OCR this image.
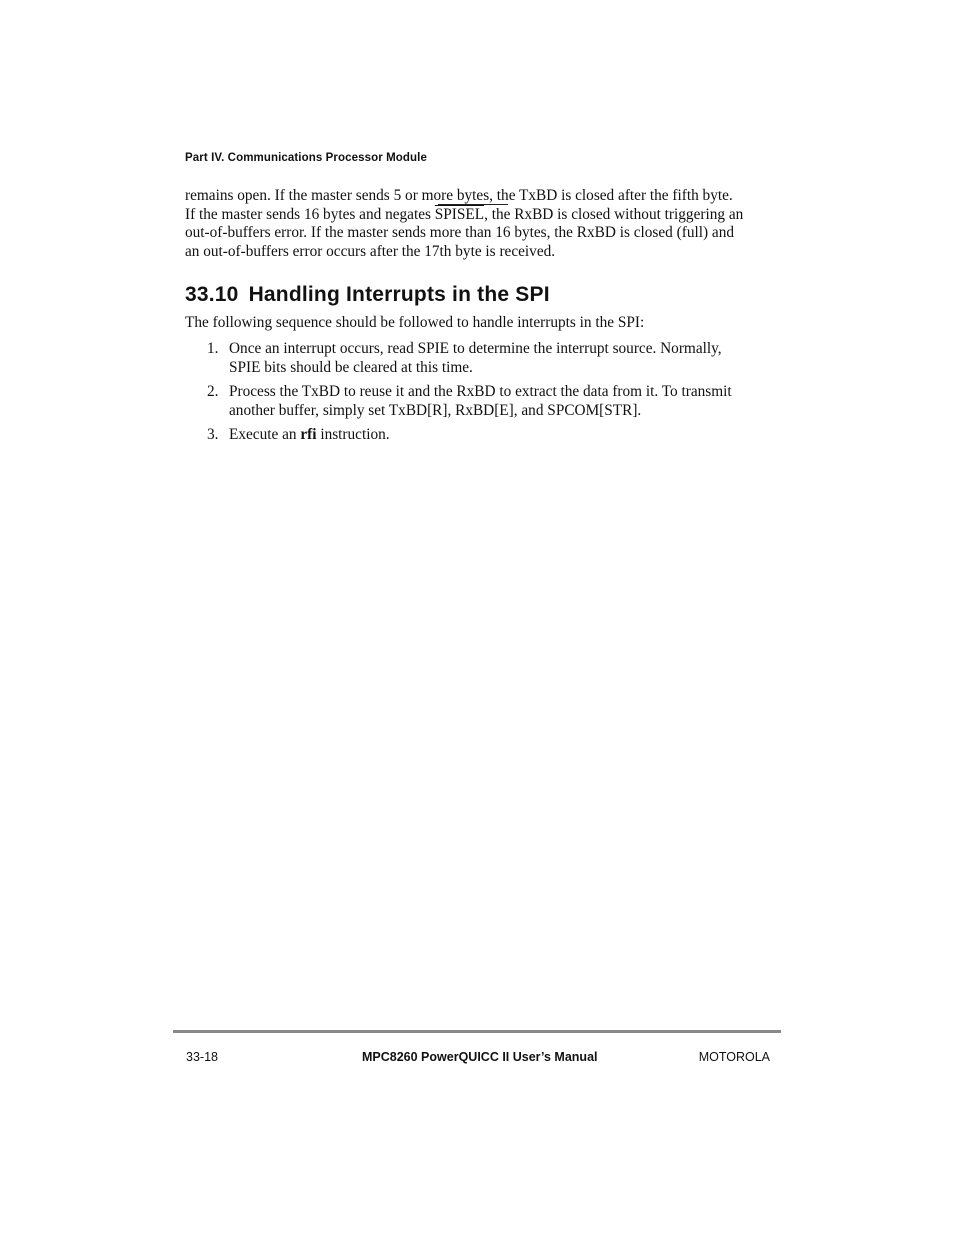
Part IV. Communications Processor Module
remains open. If the master sends 5 or more bytes, the TxBD is closed after the fifth byte.
If the master sends 16 bytes and negates SPISEL, the RxBD is closed without triggering an
out-of-buffers error. If the master sends more than 16 bytes, the RxBD is closed (full) and
an out-of-buffers error occurs after the 17th byte is received.
33.10 Handling Interrupts in the SPI
The following sequence should be followed to handle interrupts in the SPI:
1. Once an interrupt occurs, read SPIE to determine the interrupt source. Normally,
SPIE bits should be cleared at this time.
2. Process the TxBD to reuse it and the RxBD to extract the data from it. To transmit
another buffer, simply set TxBD[R], RxBD[E], and SPCOM[STR].
3. Execute an rfi instruction.
33-18	MPC8260 PowerQUICC II User’s Manual	MOTOROLA
